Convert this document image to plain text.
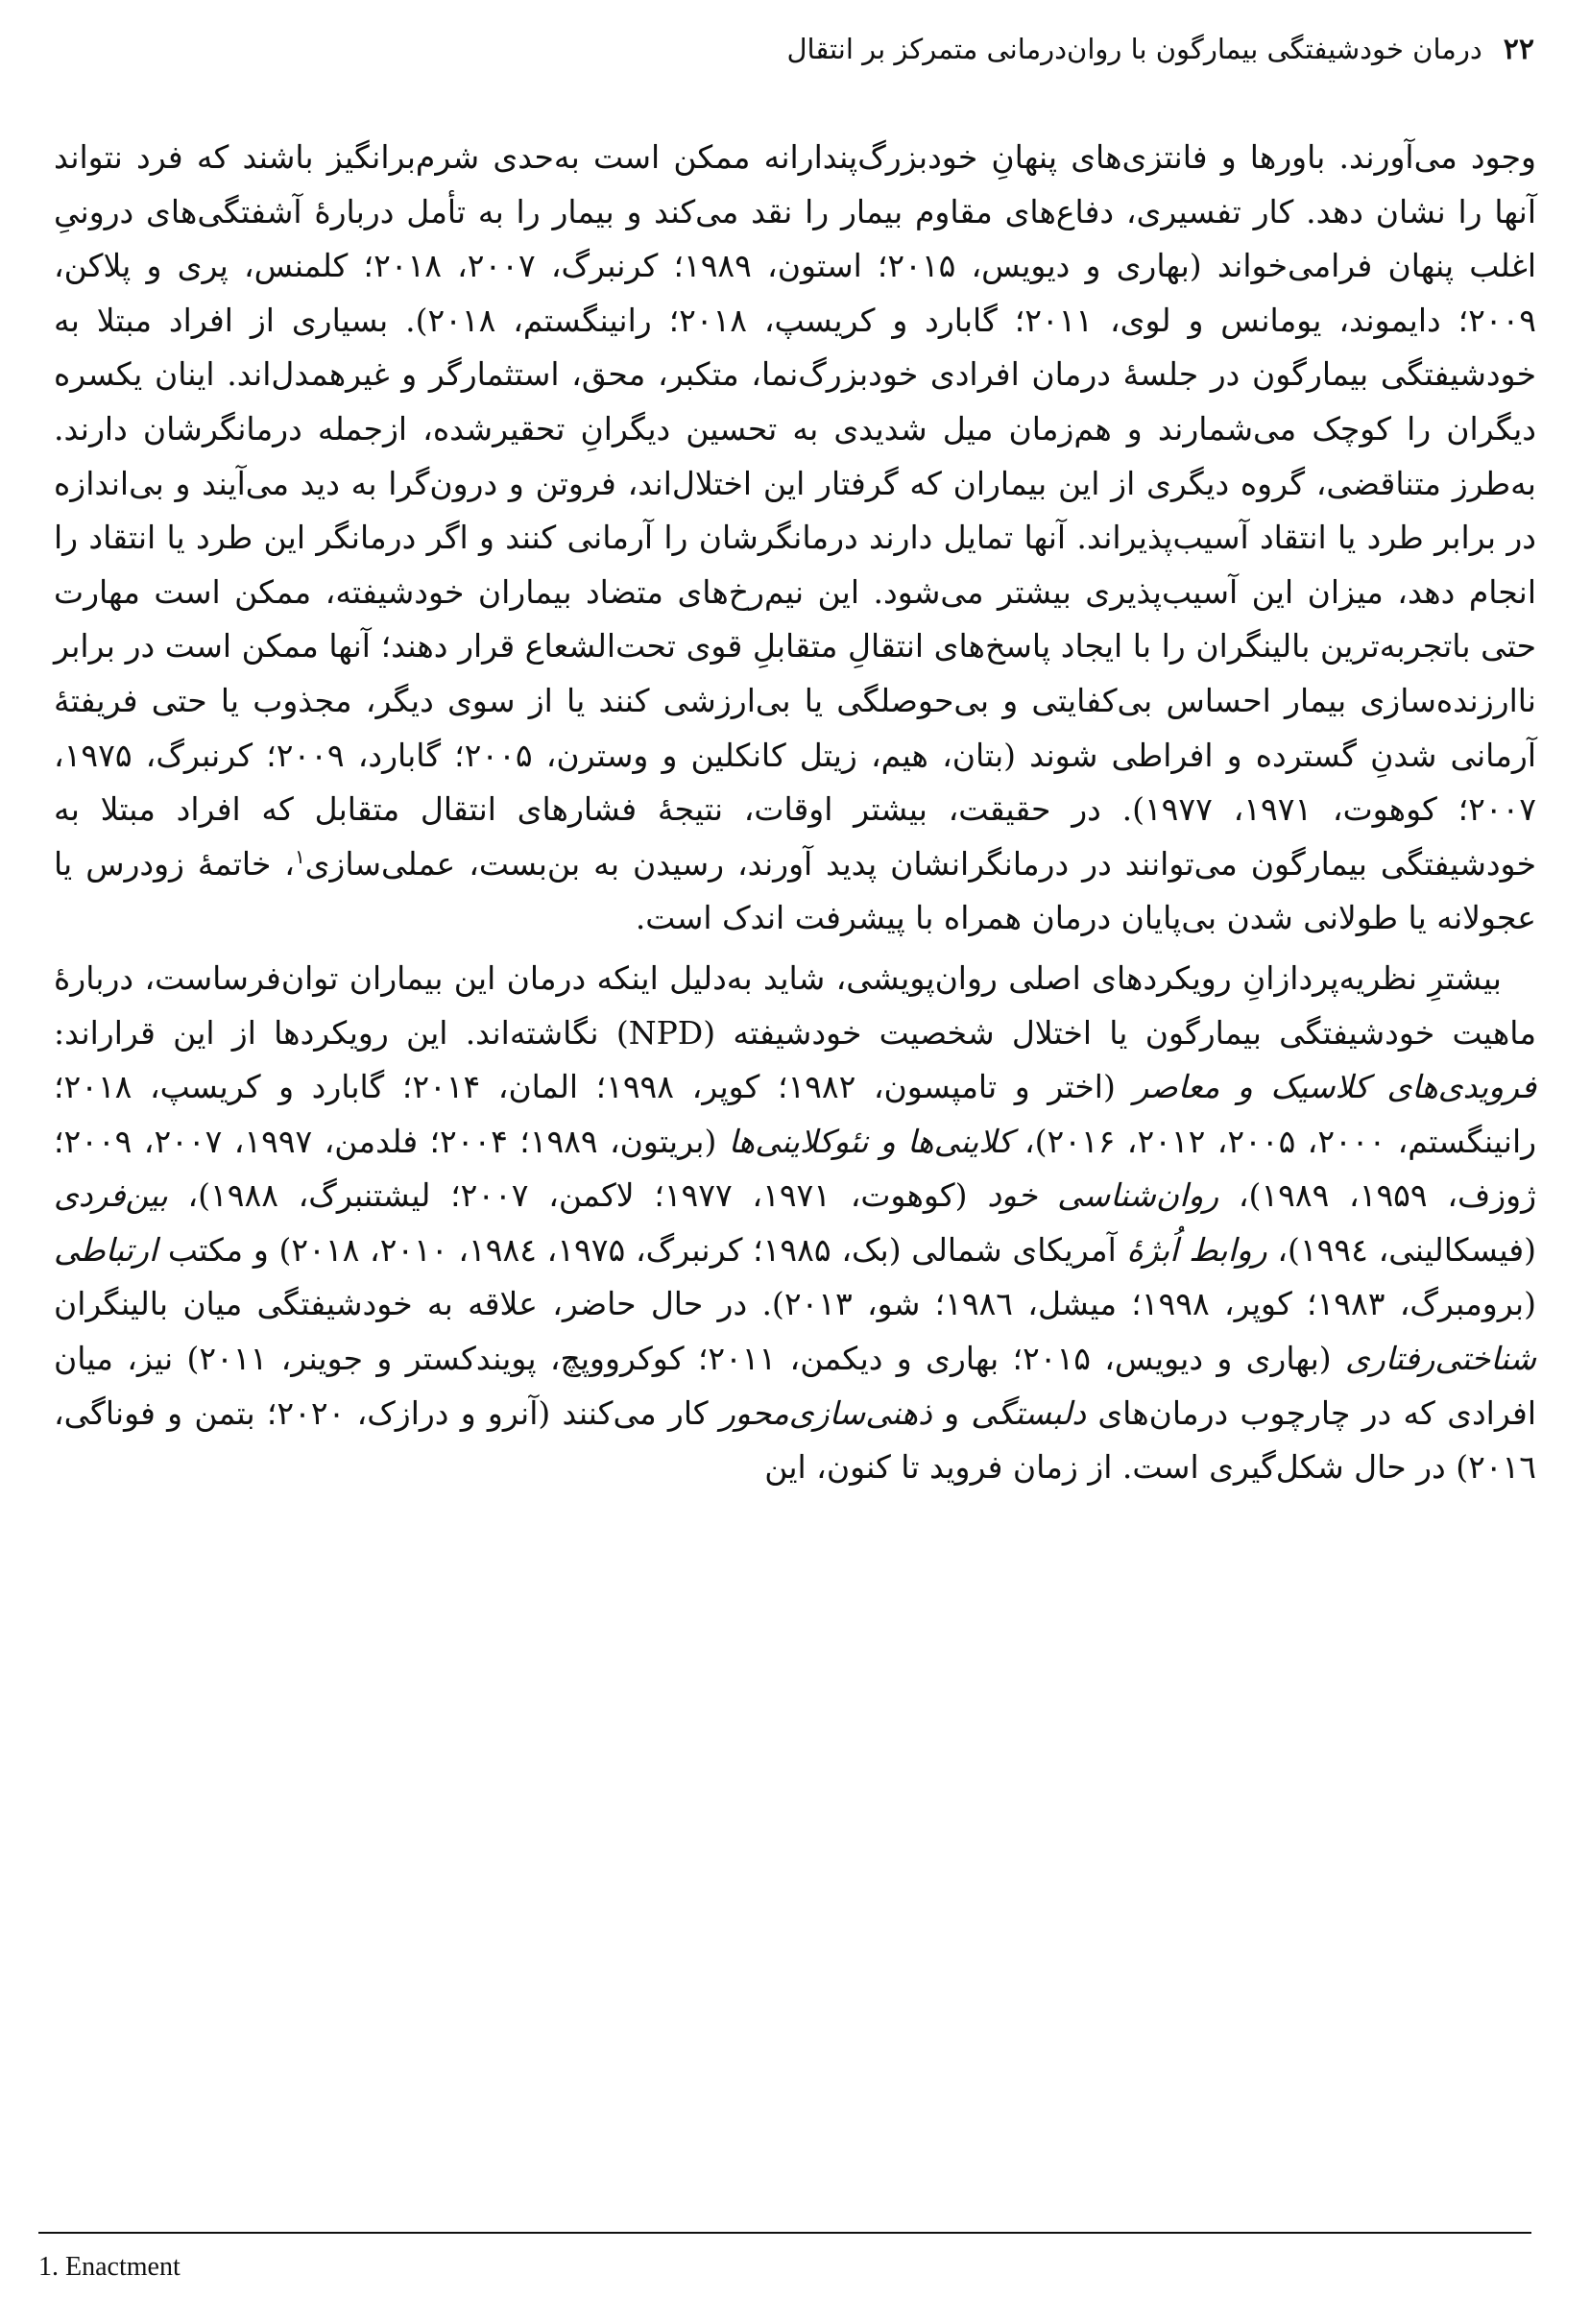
۲۲درمان خودشیفتگی بیمارگون با روان‌درمانی متمرکز بر انتقال

وجود می‌آورند. باورها و فانتزی‌های پنهانِ خودبزرگ‌پندارانه ممکن است به‌حدی شرم‌برانگیز باشند که فرد نتواند آنها را نشان دهد. کار تفسیری، دفاع‌های مقاوم بیمار را نقد می‌کند و بیمار را به تأمل دربارهٔ آشفتگی‌های درونیِ اغلب پنهان فرامی‌خواند (بهاری و دیویس، ۲۰۱۵؛ استون، ۱۹۸۹؛ کرنبرگ، ۲۰۰۷، ۲۰۱۸؛ کلمنس، پری و پلاکن، ۲۰۰۹؛ دایموند، یومانس و لوی، ۲۰۱۱؛ گابارد و کریسپ، ۲۰۱۸؛ رانینگستم، ۲۰۱۸). بسیاری از افراد مبتلا به خودشیفتگی بیمارگون در جلسهٔ درمان افرادی خودبزرگ‌نما، متکبر، محق، استثمارگر و غیرهمدل‌اند. اینان یکسره دیگران را کوچک می‌شمارند و هم‌زمان میل شدیدی به تحسین دیگرانِ تحقیرشده، ازجمله درمانگرشان دارند. به‌طرز متناقضی، گروه دیگری از این بیماران که گرفتار این اختلال‌اند، فروتن و درون‌گرا به دید می‌آیند و بی‌اندازه در برابر طرد یا انتقاد آسیب‌پذیراند. آنها تمایل دارند درمانگرشان را آرمانی کنند و اگر درمانگر این طرد یا انتقاد را انجام دهد، میزان این آسیب‌پذیری بیشتر می‌شود. این نیم‌رخ‌های متضاد بیماران خودشیفته، ممکن است مهارت حتی باتجربه‌ترین بالینگران را با ایجاد پاسخ‌های انتقالِ متقابلِ قوی تحت‌الشعاع قرار دهند؛ آنها ممکن است در برابر ناارزنده‌سازی بیمار احساس بی‌کفایتی و بی‌حوصلگی یا بی‌ارزشی کنند یا از سوی دیگر، مجذوب یا حتی فریفتهٔ آرمانی شدنِ گسترده و افراطی شوند (بتان، هیم، زیتل کانکلین و وسترن، ۲۰۰۵؛ گابارد، ۲۰۰۹؛ کرنبرگ، ۱۹۷۵، ۲۰۰۷؛ کوهوت، ۱۹۷۱، ۱۹۷۷). در حقیقت، بیشتر اوقات، نتیجهٔ فشارهای انتقال متقابل که افراد مبتلا به خودشیفتگی بیمارگون می‌توانند در درمانگرانشان پدید آورند، رسیدن به بن‌بست، عملی‌سازی$^۱$، خاتمهٔ زودرس یا عجولانه یا طولانی شدن بی‌پایان درمان همراه با پیشرفت اندک است.

بیشترِ نظریه‌پردازانِ رویکردهای اصلی روان‌پویشی، شاید به‌دلیل اینکه درمان این بیماران توان‌فرساست، دربارهٔ ماهیت خودشیفتگی بیمارگون یا اختلال شخصیت خودشیفته (NPD) نگاشته‌اند. این رویکردها از این قراراند: فرویدی‌های کلاسیک و معاصر (اختر و تامپسون، ۱۹۸۲؛ کوپر، ۱۹۹۸؛ المان، ۲۰۱۴؛ گابارد و کریسپ، ۲۰۱۸؛ رانینگستم، ۲۰۰۰، ۲۰۰۵، ۲۰۱۲، ۲۰۱۶)، کلاینی‌ها و نئوکلاینی‌ها (بریتون، ۱۹۸۹؛ ۲۰۰۴؛ فلدمن، ۱۹۹۷، ۲۰۰۷، ۲۰۰۹؛ ژوزف، ۱۹۵۹، ۱۹۸۹)، روان‌شناسی خود (کوهوت، ۱۹۷۱، ۱۹۷۷؛ لاکمن، ۲۰۰۷؛ لیشتنبرگ، ۱۹۸۸)، بین‌فردی (فیسکالینی، ۱۹۹٤)، روابط اُبژهٔ آمریکای شمالی (بک، ۱۹۸۵؛ کرنبرگ، ۱۹۷۵، ۱۹۸٤، ۲۰۱۰، ۲۰۱۸) و مکتب ارتباطی (برومبرگ، ۱۹۸۳؛ کوپر، ۱۹۹۸؛ میشل، ۱۹۸٦؛ شو، ۲۰۱۳). در حال حاضر، علاقه به خودشیفتگی میان بالینگران شناختی‌رفتاری (بهاری و دیویس، ۲۰۱۵؛ بهاری و دیکمن، ۲۰۱۱؛ کوکرووپچ، پویندکستر و جوینر، ۲۰۱۱) نیز، میان افرادی که در چارچوب درمان‌های دلبستگی و ذهنی‌سازی‌محور کار می‌کنند (آنرو و درازک، ۲۰۲۰؛ بتمن و فوناگی، ۲۰۱٦) در حال شکل‌گیری است. از زمان فروید تا کنون، این

1. Enactment
